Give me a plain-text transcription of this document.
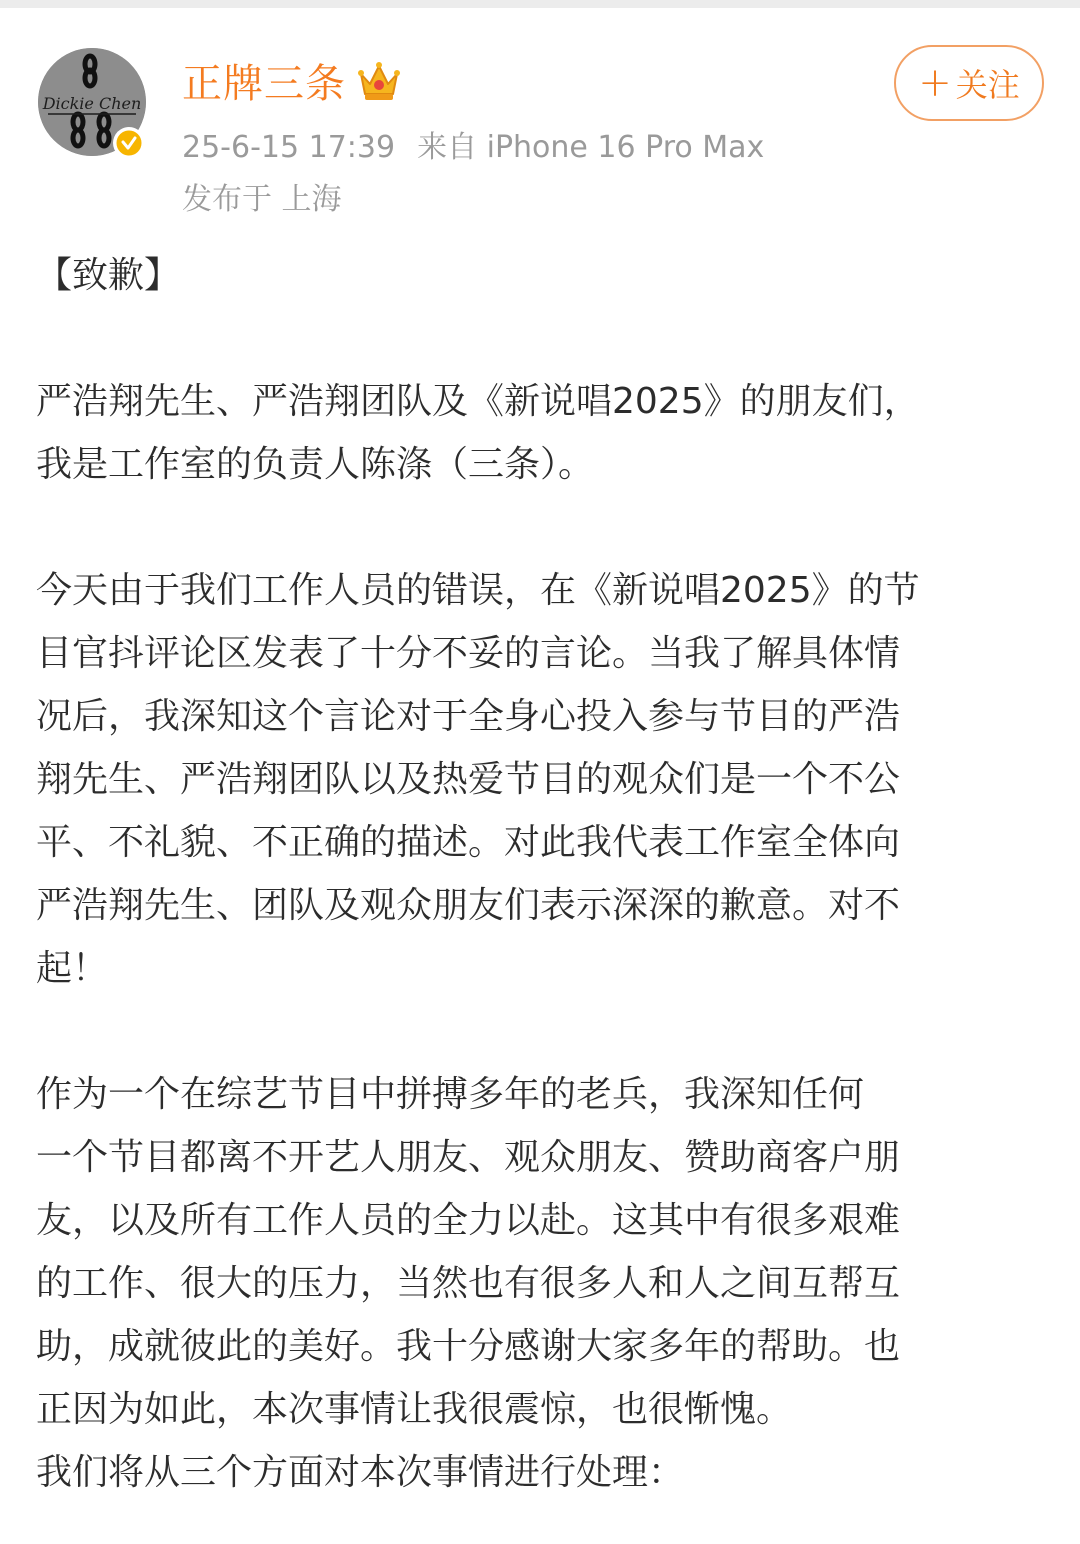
Dickie Chen 正牌三条	+ 关注
25-6-15 17:39 来自 iPhone 16 Pro Max
发布于 上海

【致歉】

严浩翔先生、严浩翔团队及《新说唱2025》的朋友们，

我是工作室的负责人陈涤（三条）。

今天由于我们工作人员的错误，在《新说唱2025》的节

目官抖评论区发表了十分不妥的言论。当我了解具体情

况后，我深知这个言论对于全身心投入参与节目的严浩

翔先生、严浩翔团队以及热爱节目的观众们是一个不公

平、不礼貌、不正确的描述。对此我代表工作室全体向

严浩翔先生、团队及观众朋友们表示深深的歉意。对不

起！

作为一个在综艺节目中拼搏多年的老兵，我深知任何

一个节目都离不开艺人朋友、观众朋友、赞助商客户朋

友，以及所有工作人员的全力以赴。这其中有很多艰难

的工作、很大的压力，当然也有很多人和人之间互帮互

助，成就彼此的美好。我十分感谢大家多年的帮助。也

正因为如此，本次事情让我很震惊，也很惭愧。

我们将从三个方面对本次事情进行处理：
